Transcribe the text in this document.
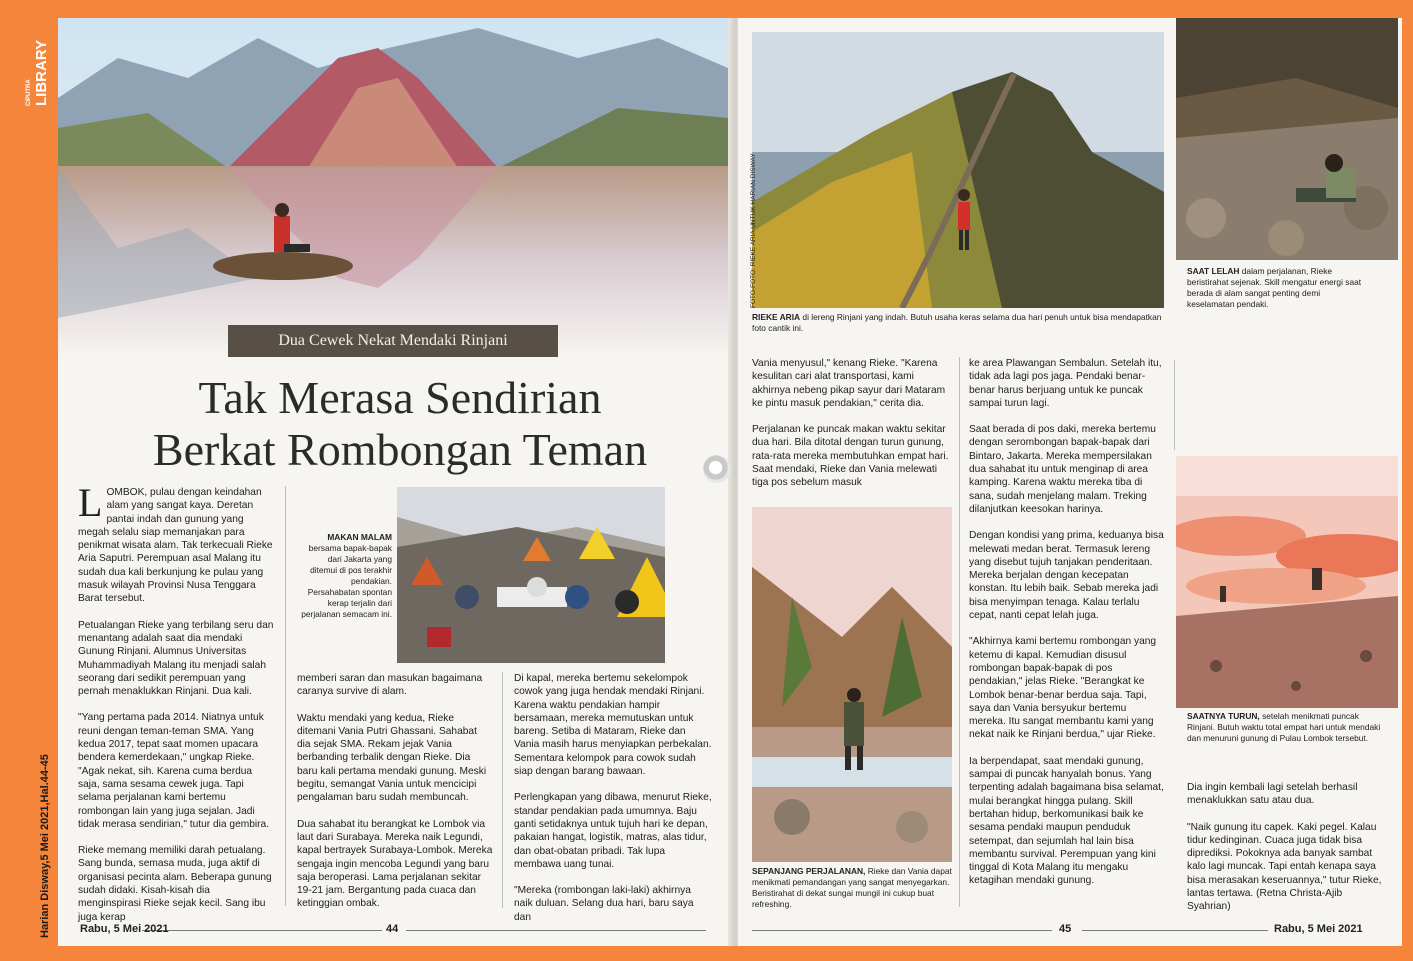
LIBRARY
CIPUTRA
Harian Disway,5 Mei 2021,Hal.44-45
Dua Cewek Nekat Mendaki Rinjani
Tak Merasa Sendirian
Berkat Rombongan Teman

LOMBOK, pulau dengan keindahan alam yang sangat kaya. Deretan pantai indah dan gunung yang megah selalu siap memanjakan para penikmat wisata alam. Tak terkecuali Rieke Aria Saputri. Perempuan asal Malang itu sudah dua kali berkunjung ke pulau yang masuk wilayah Provinsi Nusa Tenggara Barat tersebut.

Petualangan Rieke yang terbilang seru dan menantang adalah saat dia mendaki Gunung Rinjani. Alumnus Universitas Muhammadiyah Malang itu menjadi salah seorang dari sedikit perempuan yang pernah menaklukkan Rinjani. Dua kali.

"Yang pertama pada 2014. Niatnya untuk reuni dengan teman-teman SMA. Yang kedua 2017, tepat saat momen upacara bendera kemerdekaan," ungkap Rieke. "Agak nekat, sih. Karena cuma berdua saja, sama sesama cewek juga. Tapi selama perjalanan kami bertemu rombongan lain yang juga sejalan. Jadi tidak merasa sendirian," tutur dia gembira.

Rieke memang memiliki darah petualang. Sang bunda, semasa muda, juga aktif di organisasi pecinta alam. Beberapa gunung sudah didaki. Kisah-kisah dia menginspirasi Rieke sejak kecil. Sang ibu juga kerap

MAKAN MALAM bersama bapak-bapak dari Jakarta yang ditemui di pos terakhir pendakian. Persahabatan spontan kerap terjalin dari perjalanan semacam ini.

memberi saran dan masukan bagaimana caranya survive di alam.

Waktu mendaki yang kedua, Rieke ditemani Vania Putri Ghassani. Sahabat dia sejak SMA. Rekam jejak Vania berbanding terbalik dengan Rieke. Dia baru kali pertama mendaki gunung. Meski begitu, semangat Vania untuk mencicipi pengalaman baru sudah membuncah.

Dua sahabat itu berangkat ke Lombok via laut dari Surabaya. Mereka naik Legundi, kapal bertrayek Surabaya-Lombok. Mereka sengaja ingin mencoba Legundi yang baru saja beroperasi. Lama perjalanan sekitar 19-21 jam. Bergantung pada cuaca dan ketinggian ombak.

Di kapal, mereka bertemu sekelompok cowok yang juga hendak mendaki Rinjani. Karena waktu pendakian hampir bersamaan, mereka memutuskan untuk bareng. Setiba di Mataram, Rieke dan Vania masih harus menyiapkan perbekalan. Sementara kelompok para cowok sudah siap dengan barang bawaan.

Perlengkapan yang dibawa, menurut Rieke, standar pendakian pada umumnya. Baju ganti setidaknya untuk tujuh hari ke depan, pakaian hangat, logistik, matras, alas tidur, dan obat-obatan pribadi. Tak lupa membawa uang tunai.

"Mereka (rombongan laki-laki) akhirnya naik duluan. Selang dua hari, baru saya dan

Rabu, 5 Mei 2021	44
FOTO-FOTO: RIEKE ARIA UNTUK HARIAN DISWAY
RIEKE ARIA di lereng Rinjani yang indah. Butuh usaha keras selama dua hari penuh untuk bisa mendapatkan foto cantik ini.
SAAT LELAH dalam perjalanan, Rieke beristirahat sejenak. Skill mengatur energi saat berada di alam sangat penting demi keselamatan pendaki.

Vania menyusul," kenang Rieke. "Karena kesulitan cari alat transportasi, kami akhirnya nebeng pikap sayur dari Mataram ke pintu masuk pendakian," cerita dia.

Perjalanan ke puncak makan waktu sekitar dua hari. Bila ditotal dengan turun gunung, rata-rata mereka membutuhkan empat hari. Saat mendaki, Rieke dan Vania melewati tiga pos sebelum masuk

SEPANJANG PERJALANAN, Rieke dan Vania dapat menikmati pemandangan yang sangat menyegarkan. Beristirahat di dekat sungai mungil ini cukup buat refreshing.

ke area Plawangan Sembalun. Setelah itu, tidak ada lagi pos jaga. Pendaki benar-benar harus berjuang untuk ke puncak sampai turun lagi.

Saat berada di pos daki, mereka bertemu dengan serombongan bapak-bapak dari Bintaro, Jakarta. Mereka mempersilakan dua sahabat itu untuk menginap di area kamping. Karena waktu mereka tiba di sana, sudah menjelang malam. Treking dilanjutkan keesokan harinya.

Dengan kondisi yang prima, keduanya bisa melewati medan berat. Termasuk lereng yang disebut tujuh tanjakan penderitaan. Mereka berjalan dengan kecepatan konstan. Itu lebih baik. Sebab mereka jadi bisa menyimpan tenaga. Kalau terlalu cepat, nanti cepat lelah juga.

"Akhirnya kami bertemu rombongan yang ketemu di kapal. Kemudian disusul rombongan bapak-bapak di pos pendakian," jelas Rieke. "Berangkat ke Lombok benar-benar berdua saja. Tapi, saya dan Vania bersyukur bertemu mereka. Itu sangat membantu kami yang nekat naik ke Rinjani berdua," ujar Rieke.

Ia berpendapat, saat mendaki gunung, sampai di puncak hanyalah bonus. Yang terpenting adalah bagaimana bisa selamat, mulai berangkat hingga pulang. Skill bertahan hidup, berkomunikasi baik ke sesama pendaki maupun penduduk setempat, dan sejumlah hal lain bisa membantu survival. Perempuan yang kini tinggal di Kota Malang itu mengaku ketagihan mendaki gunung.

SAATNYA TURUN, setelah menikmati puncak Rinjani. Butuh waktu total empat hari untuk mendaki dan menuruni gunung di Pulau Lombok tersebut.

Dia ingin kembali lagi setelah berhasil menaklukkan satu atau dua.

"Naik gunung itu capek. Kaki pegel. Kalau tidur kedinginan. Cuaca juga tidak bisa diprediksi. Pokoknya ada banyak sambat kalo lagi muncak. Tapi entah kenapa saya bisa merasakan keseruannya," tutur Rieke, lantas tertawa. (Retna Christa-Ajib Syahrian)

45	Rabu, 5 Mei 2021
